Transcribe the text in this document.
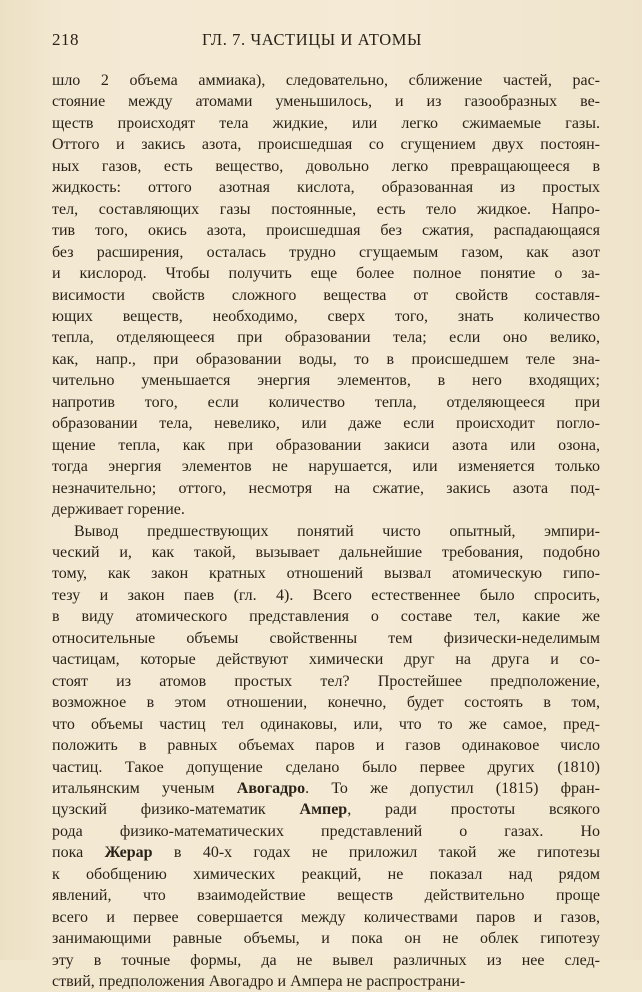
218	ГЛ. 7. ЧАСТИЦЫ И АТОМЫ
шло 2 объема аммиака), следовательно, сближение частей, рас-
стояние между атомами уменьшилось, и из газообразных ве-
ществ происходят тела жидкие, или легко сжимаемые газы.
Оттого и закись азота, происшедшая со сгущением двух постоян-
ных газов, есть вещество, довольно легко превращающееся в
жидкость: оттого азотная кислота, образованная из простых
тел, составляющих газы постоянные, есть тело жидкое. Напро-
тив того, окись азота, происшедшая без сжатия, распадающаяся
без расширения, осталась трудно сгущаемым газом, как азот
и кислород. Чтобы получить еще более полное понятие о за-
висимости свойств сложного вещества от свойств составля-
ющих веществ, необходимо, сверх того, знать количество
тепла, отделяющееся при образовании тела; если оно велико,
как, напр., при образовании воды, то в происшедшем теле зна-
чительно уменьшается энергия элементов, в него входящих;
напротив того, если количество тепла, отделяющееся при
образовании тела, невелико, или даже если происходит погло-
щение тепла, как при образовании закиси азота или озона,
тогда энергия элементов не нарушается, или изменяется только
незначительно; оттого, несмотря на сжатие, закись азота под-
держивает горение.
Вывод предшествующих понятий чисто опытный, эмпири-
ческий и, как такой, вызывает дальнейшие требования, подобно
тому, как закон кратных отношений вызвал атомическую гипо-
тезу и закон паев (гл. 4). Всего естественнее было спросить,
в виду атомического представления о составе тел, какие же
относительные объемы свойственны тем физически-неделимым
частицам, которые действуют химически друг на друга и со-
стоят из атомов простых тел? Простейшее предположение,
возможное в этом отношении, конечно, будет состоять в том,
что объемы частиц тел одинаковы, или, что то же самое, пред-
положить в равных объемах паров и газов одинаковое число
частиц. Такое допущение сделано было первее других (1810)
итальянским ученым Авогадро. То же допустил (1815) фран-
цузский физико-математик Ампер, ради простоты всякого
рода физико-математических представлений о газах. Но
пока Жерар в 40-х годах не приложил такой же гипотезы
к обобщению химических реакций, не показал над рядом
явлений, что взаимодействие веществ действительно проще
всего и первее совершается между количествами паров и газов,
занимающими равные объемы, и пока он не облек гипотезу
эту в точные формы, да не вывел различных из нее след-
ствий, предположения Авогадро и Ампера не распространи-
